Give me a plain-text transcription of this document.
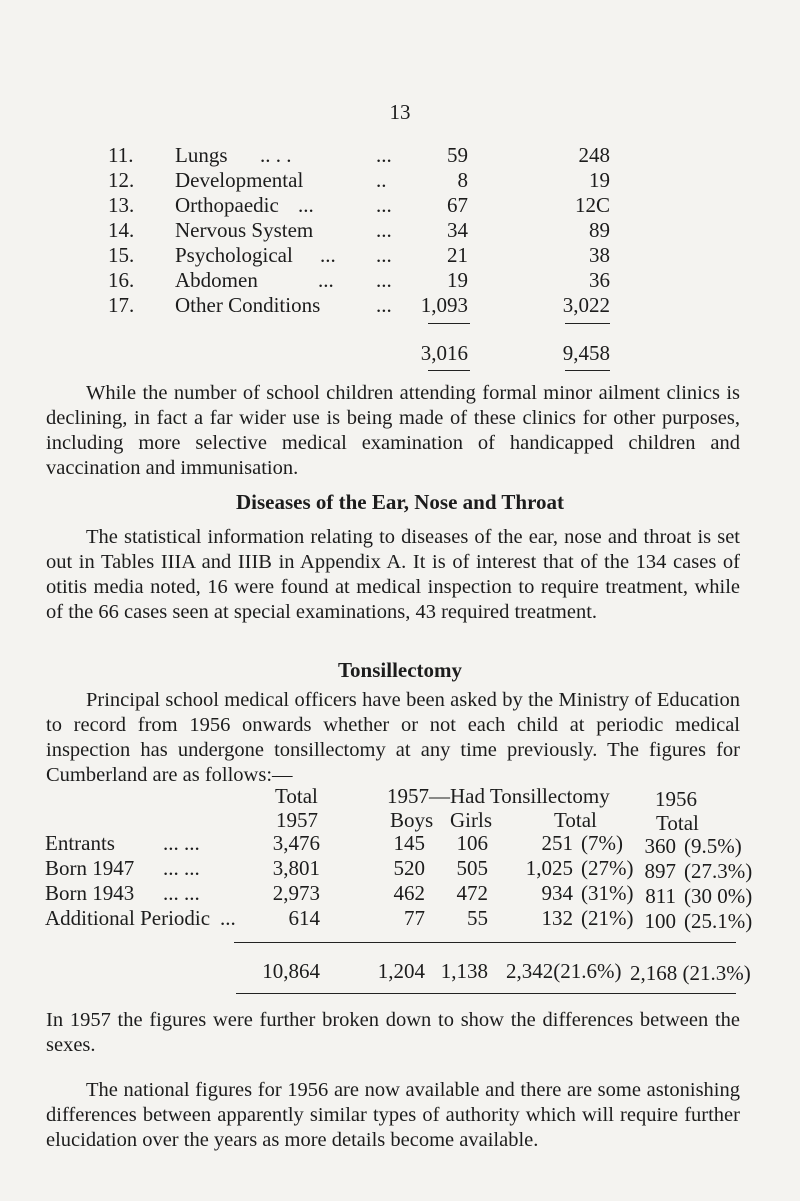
13
11. Lungs .. . .	...	59	248
12. Developmental	..	8	19
13. Orthopaedic ...	...	67	12C
14. Nervous System	...	34	89
15. Psychological ... ...	21	38
16. Abdomen	... ...	19	36
17. Other Conditions	...	1,093	3,022
3,016	9,458

While the number of school children attending formal minor ailment clinics is declining, in fact a far wider use is being made of these clinics for other purposes, including more selective medical examination of handicapped children and vaccination and immunisation.

Diseases of the Ear, Nose and Throat

The statistical information relating to diseases of the ear, nose and throat is set out in Tables IIIA and IIIB in Appendix A. It is of interest that of the 134 cases of otitis media noted, 16 were found at medical inspection to require treatment, while of the 66 cases seen at special examinations, 43 required treatment.

Tonsillectomy

Principal school medical officers have been asked by the Ministry of Education to record from 1956 onwards whether or not each child at periodic medical inspection has undergone tonsillectomy at any time previously. The figures for Cumberland are as follows:—

Total	1957—Had Tonsillectomy 1956
1957	Boys Girls	Total	Total
Entrants ... ...	3,476	145	106	251 (7%)	360 (9.5%)
Born 1947 ... ...	3,801	520	505	1,025 (27%) 897 (27.3%)
Born 1943 ... ...	2,973	462	472	934 (31%) 811 (30 0%)
Additional Periodic ...	614	77	55	132 (21%) 100 (25.1%)
10,864	1,204 1,138 2,342(21.6%) 2,168 (21.3%)

In 1957 the figures were further broken down to show the differences between the sexes.

The national figures for 1956 are now available and there are some astonishing differences between apparently similar types of authority which will require further elucidation over the years as more details become available.
